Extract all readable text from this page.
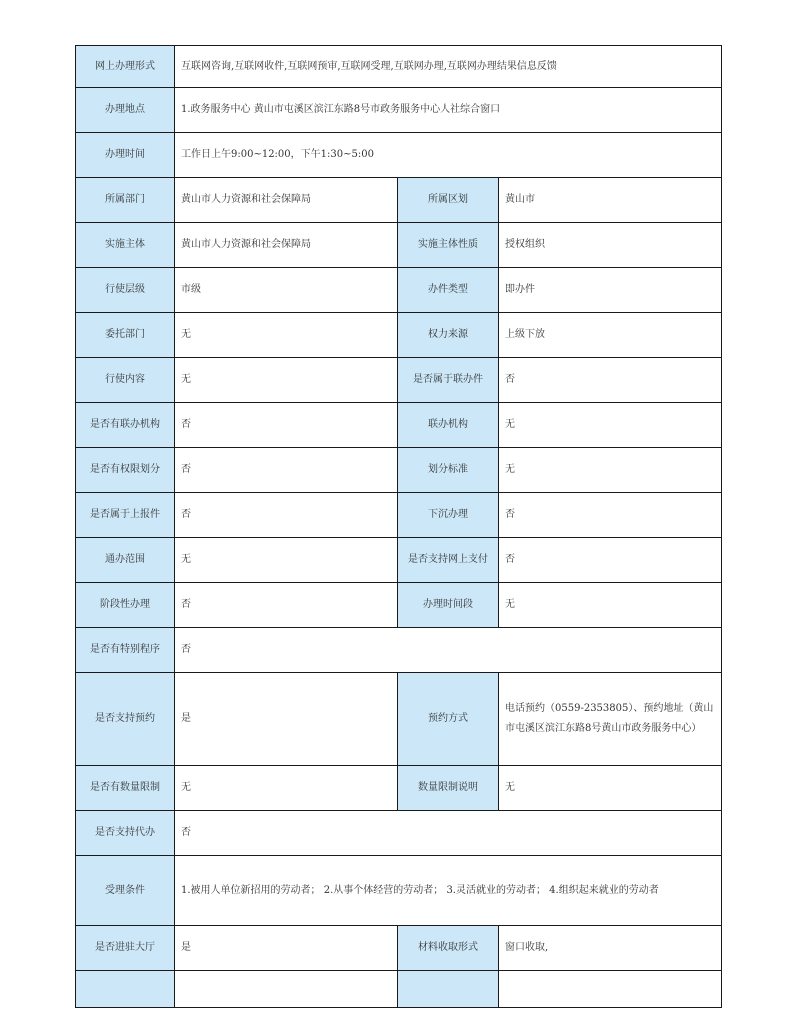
网上办理形式	互联网咨询,互联网收件,互联网预审,互联网受理,互联网办理,互联网办理结果信息反馈		
办理地点	1.政务服务中心 黄山市屯溪区滨江东路8号市政务服务中心人社综合窗口		
办理时间	工作日上午9:00~12:00，下午1:30~5:00		
所属部门	黄山市人力资源和社会保障局	所属区划	黄山市
实施主体	黄山市人力资源和社会保障局	实施主体性质	授权组织
行使层级	市级	办件类型	即办件
委托部门	无	权力来源	上级下放
行使内容	无	是否属于联办件	否
是否有联办机构	否	联办机构	无
是否有权限划分	否	划分标准	无
是否属于上报件	否	下沉办理	否
通办范围	无	是否支持网上支付	否
阶段性办理	否	办理时间段	无
是否有特别程序	否		
是否支持预约	是	预约方式	电话预约（0559-2353805）、预约地址（黄山市屯溪区滨江东路8号黄山市政务服务中心）
是否有数量限制	无	数量限制说明	无
是否支持代办	否		
受理条件	1.被用人单位新招用的劳动者； 2.从事个体经营的劳动者； 3.灵活就业的劳动者； 4.组织起来就业的劳动者		
是否进驻大厅	是	材料收取形式	窗口收取,
